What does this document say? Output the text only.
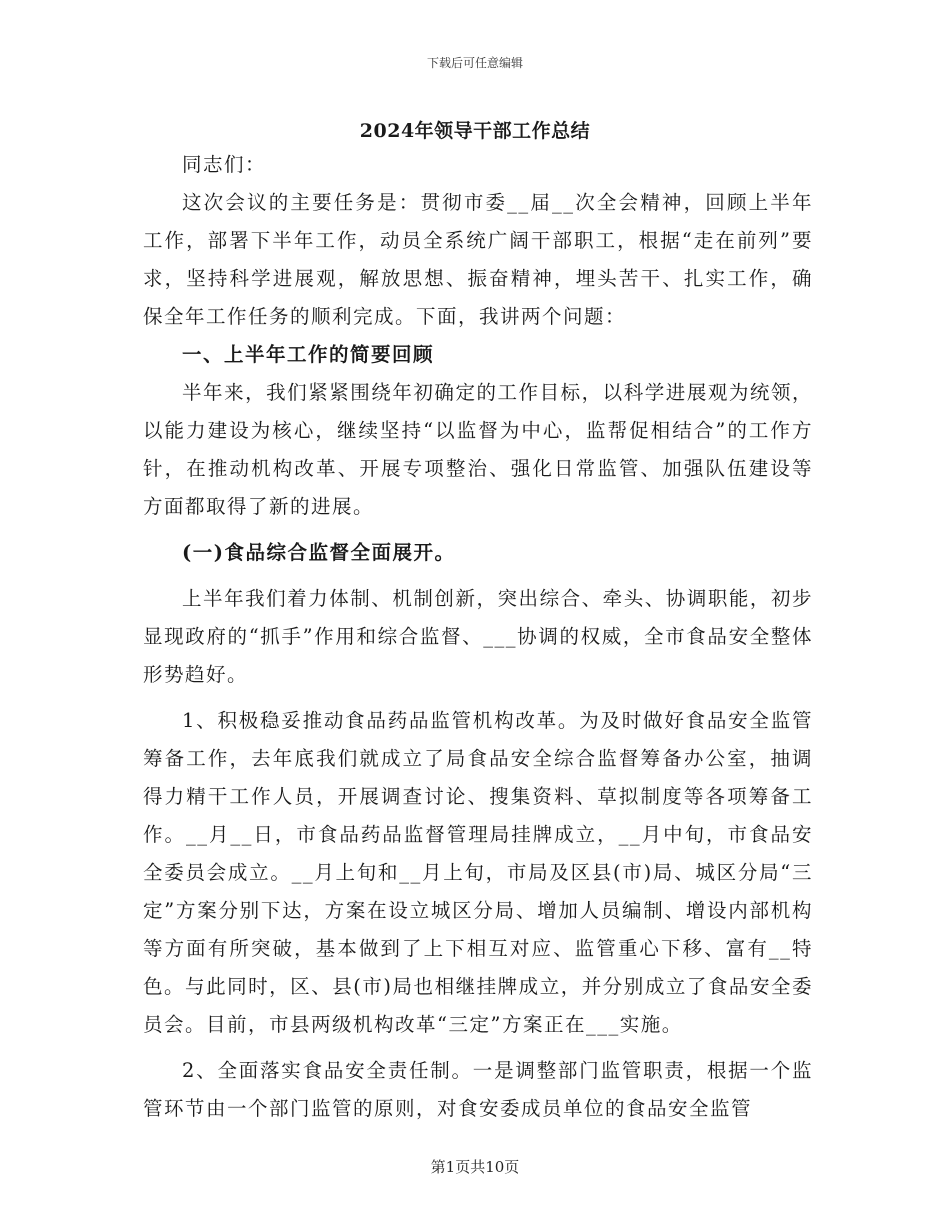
下载后可任意编辑
2024年领导干部工作总结

同志们：

这次会议的主要任务是：贯彻市委__届__次全会精神，回顾上半年工作，部署下半年工作，动员全系统广阔干部职工，根据“走在前列”要求，坚持科学进展观，解放思想、振奋精神，埋头苦干、扎实工作，确保全年工作任务的顺利完成。下面，我讲两个问题：

一、上半年工作的简要回顾

半年来，我们紧紧围绕年初确定的工作目标，以科学进展观为统领，以能力建设为核心，继续坚持“以监督为中心，监帮促相结合”的工作方针，在推动机构改革、开展专项整治、强化日常监管、加强队伍建设等方面都取得了新的进展。

(一)食品综合监督全面展开。

上半年我们着力体制、机制创新，突出综合、牵头、协调职能，初步显现政府的“抓手”作用和综合监督、___协调的权威，全市食品安全整体形势趋好。

1、积极稳妥推动食品药品监管机构改革。为及时做好食品安全监管筹备工作，去年底我们就成立了局食品安全综合监督筹备办公室，抽调得力精干工作人员，开展调查讨论、搜集资料、草拟制度等各项筹备工作。__月__日，市食品药品监督管理局挂牌成立，__月中旬，市食品安全委员会成立。__月上旬和__月上旬，市局及区县(市)局、城区分局“三定”方案分别下达，方案在设立城区分局、增加人员编制、增设内部机构等方面有所突破，基本做到了上下相互对应、监管重心下移、富有__特色。与此同时，区、县(市)局也相继挂牌成立，并分别成立了食品安全委员会。目前，市县两级机构改革“三定”方案正在___实施。

2、全面落实食品安全责任制。一是调整部门监管职责，根据一个监管环节由一个部门监管的原则，对食安委成员单位的食品安全监管

第1页共10页
